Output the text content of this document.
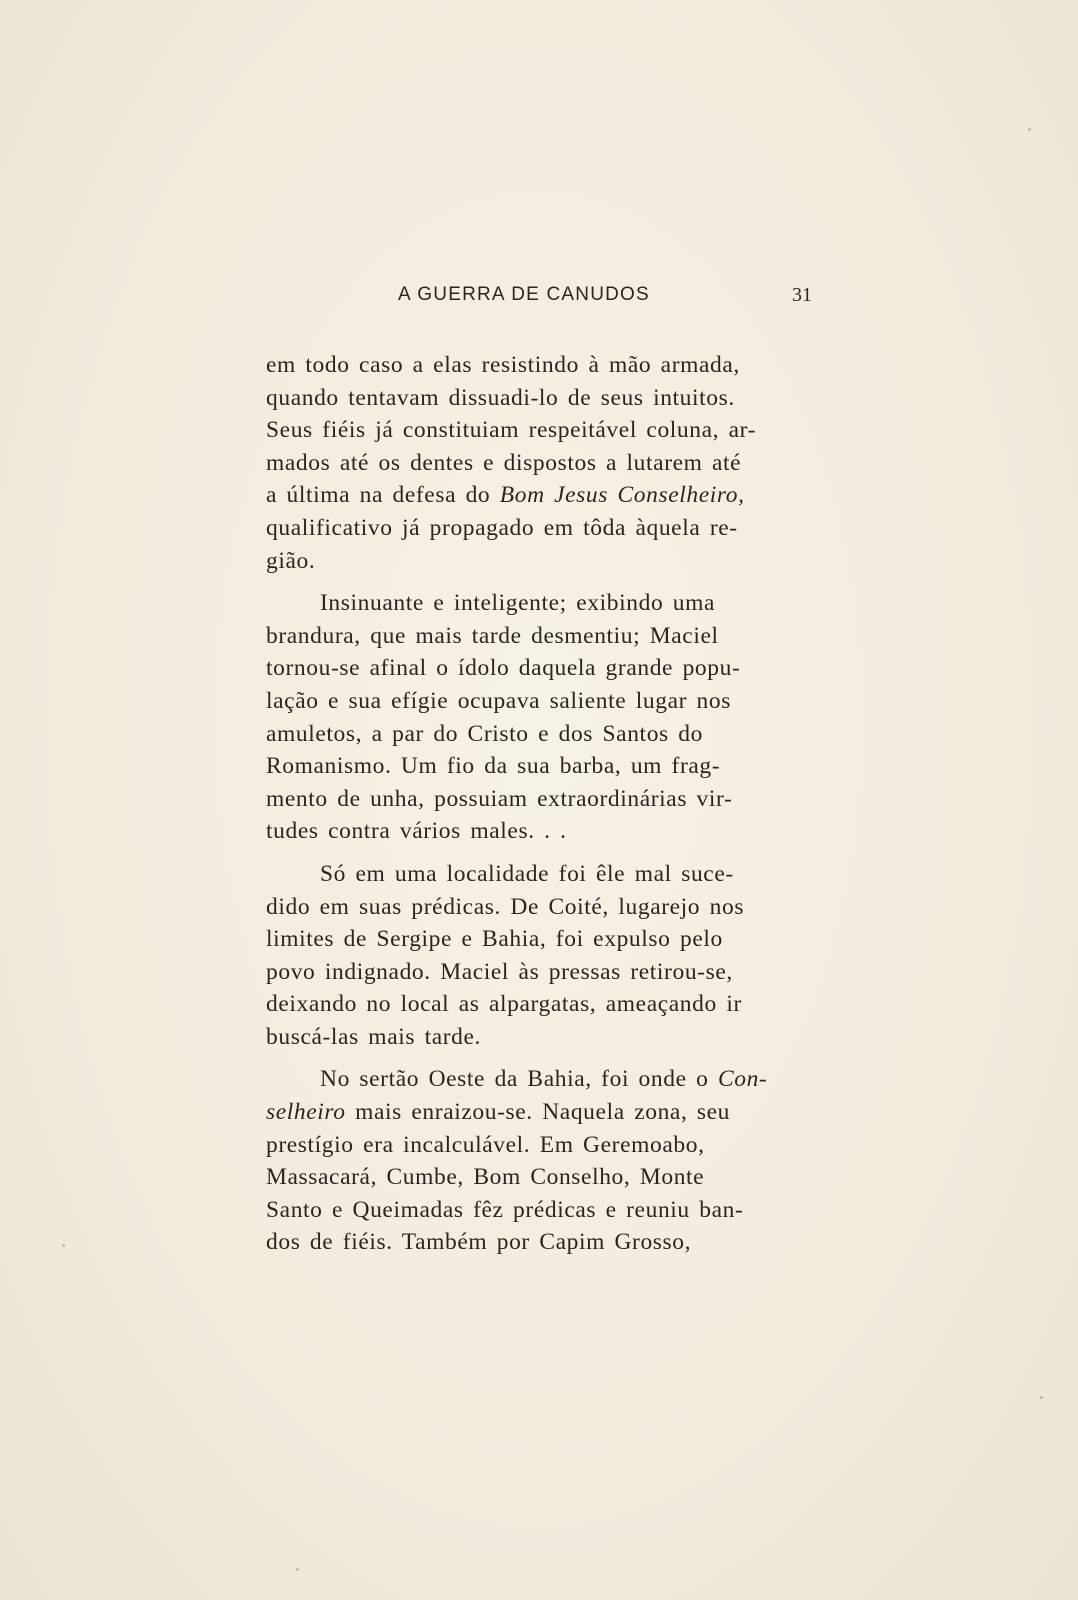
A GUERRA DE CANUDOS	31
em todo caso a elas resistindo à mão armada,
quando tentavam dissuadi-lo de seus intuitos.
Seus fiéis já constituiam respeitável coluna, ar-
mados até os dentes e dispostos a lutarem até
a última na defesa do Bom Jesus Conselheiro,
qualificativo já propagado em tôda àquela re-
gião.
Insinuante e inteligente; exibindo uma
brandura, que mais tarde desmentiu; Maciel
tornou-se afinal o ídolo daquela grande popu-
lação e sua efígie ocupava saliente lugar nos
amuletos, a par do Cristo e dos Santos do
Romanismo. Um fio da sua barba, um frag-
mento de unha, possuiam extraordinárias vir-
tudes contra vários males. . .
Só em uma localidade foi êle mal suce-
dido em suas prédicas. De Coité, lugarejo nos
limites de Sergipe e Bahia, foi expulso pelo
povo indignado. Maciel às pressas retirou-se,
deixando no local as alpargatas, ameaçando ir
buscá-las mais tarde.
No sertão Oeste da Bahia, foi onde o Con-
selheiro mais enraizou-se. Naquela zona, seu
prestígio era incalculável. Em Geremoabo,
Massacará, Cumbe, Bom Conselho, Monte
Santo e Queimadas fêz prédicas e reuniu ban-
dos de fiéis. Também por Capim Grosso,
